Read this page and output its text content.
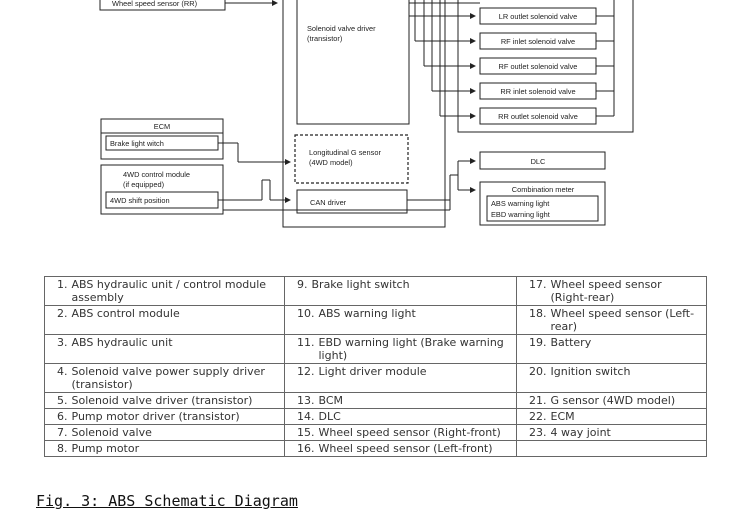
Wheel speed sensor (RR)
Solenoid valve driver
(transistor)
LR outlet solenoid valve
RF inlet solenoid valve
RF outlet solenoid valve
RR inlet solenoid valve
RR outlet solenoid valve
ECM
Brake light witch
4WD control module
(if equipped)
4WD shift position
Longitudinal G sensor
(4WD model)
CAN driver
DLC
Combination meter
ABS warning light
EBD warning light
1. ABS hydraulic unit / control module assembly	9. Brake light switch	17. Wheel speed sensor (Right-rear)

2. ABS control module	10. ABS warning light	18. Wheel speed sensor (Left-rear)

3. ABS hydraulic unit	11. EBD warning light (Brake warning light)	19. Battery

4. Solenoid valve power supply driver (transistor)	12. Light driver module	20. Ignition switch

5. Solenoid valve driver (transistor)	13. BCM	21. G sensor (4WD model)

6. Pump motor driver (transistor)	14. DLC	22. ECM

7. Solenoid valve	15. Wheel speed sensor (Right-front)	23. 4 way joint

8. Pump motor	16. Wheel speed sensor (Left-front)	

Fig. 3: ABS Schematic Diagram
